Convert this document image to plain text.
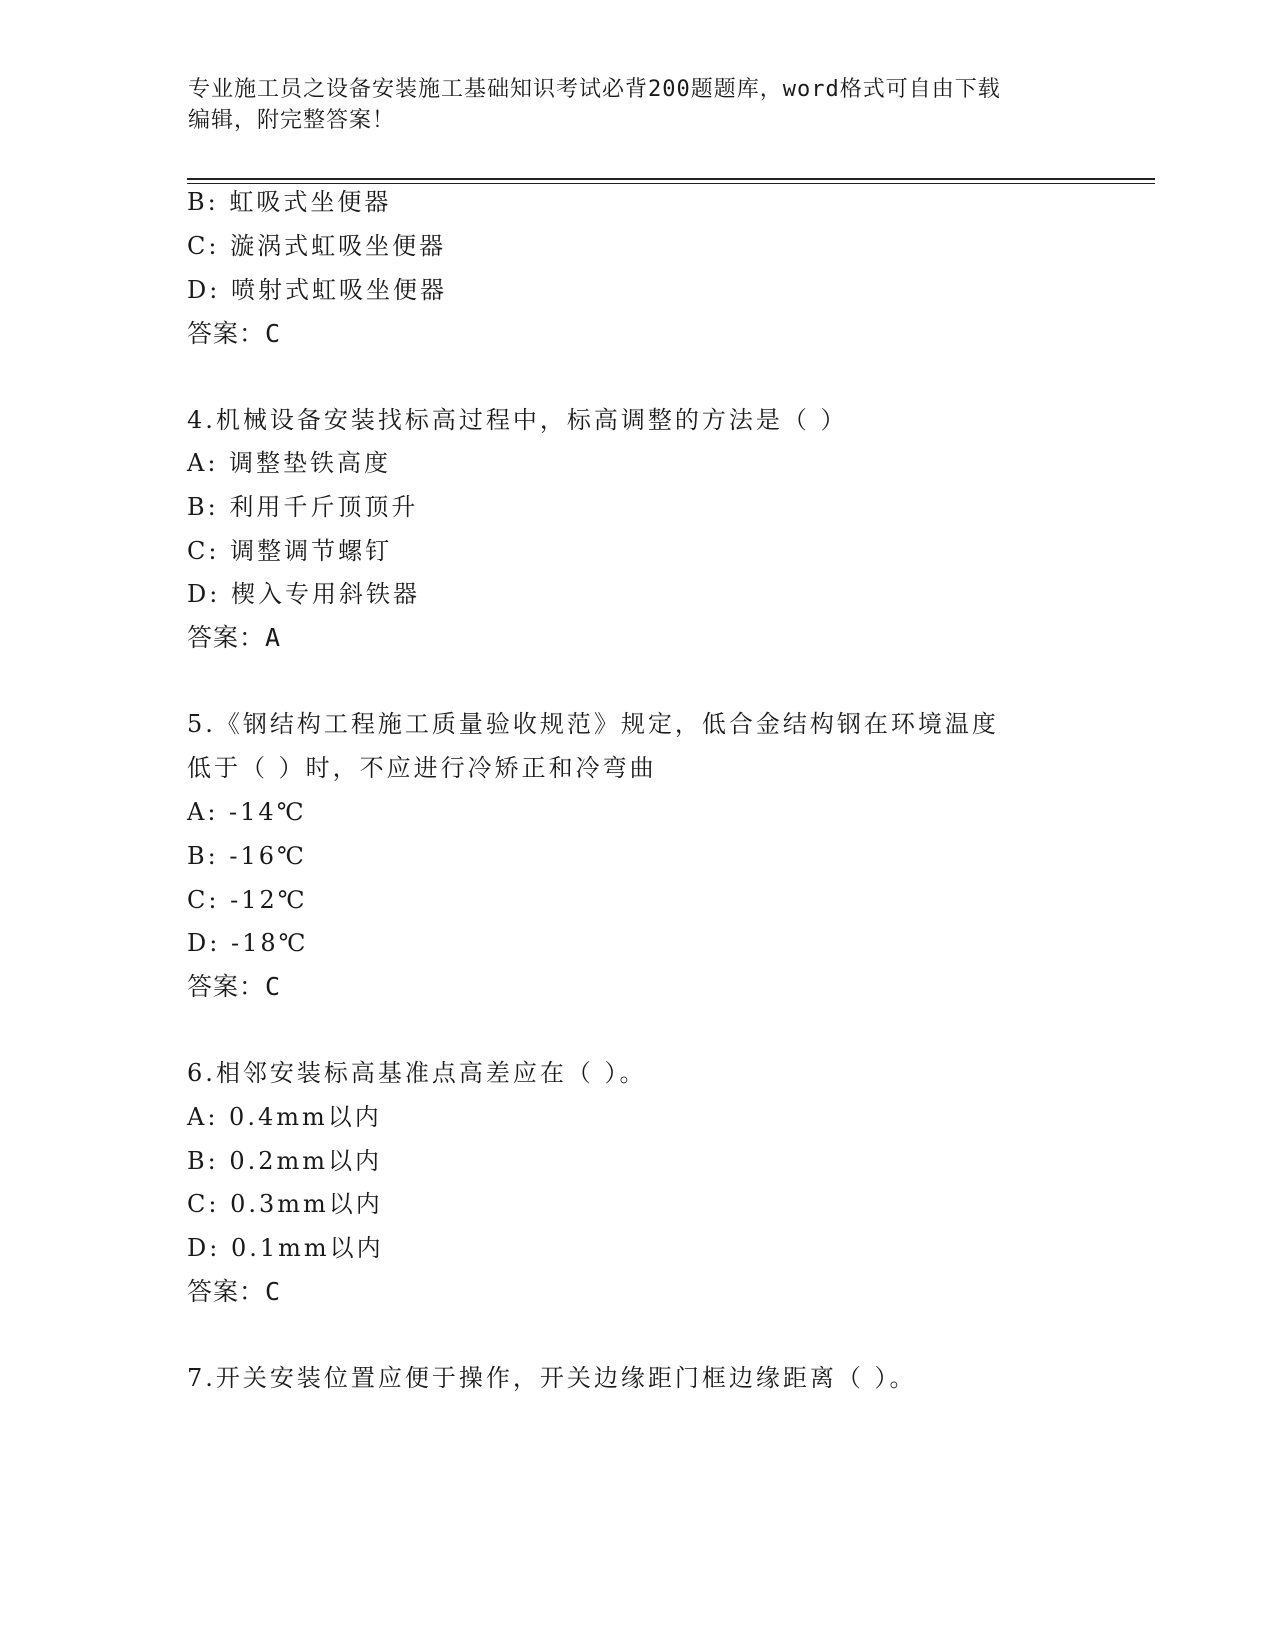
专业施工员之设备安装施工基础知识考试必背200题题库，word格式可自由下载
编辑，附完整答案！
B: 虹吸式坐便器
C: 漩涡式虹吸坐便器
D: 喷射式虹吸坐便器
答案：C
4.机械设备安装找标高过程中，标高调整的方法是（ ）
A: 调整垫铁高度
B: 利用千斤顶顶升
C: 调整调节螺钉
D: 楔入专用斜铁器
答案：A
5.《钢结构工程施工质量验收规范》规定，低合金结构钢在环境温度
低于（ ）时，不应进行冷矫正和冷弯曲
A: -14℃
B: -16℃
C: -12℃
D: -18℃
答案：C
6.相邻安装标高基准点高差应在（ ）。
A: 0.4mm以内
B: 0.2mm以内
C: 0.3mm以内
D: 0.1mm以内
答案：C
7.开关安装位置应便于操作，开关边缘距门框边缘距离（ ）。
